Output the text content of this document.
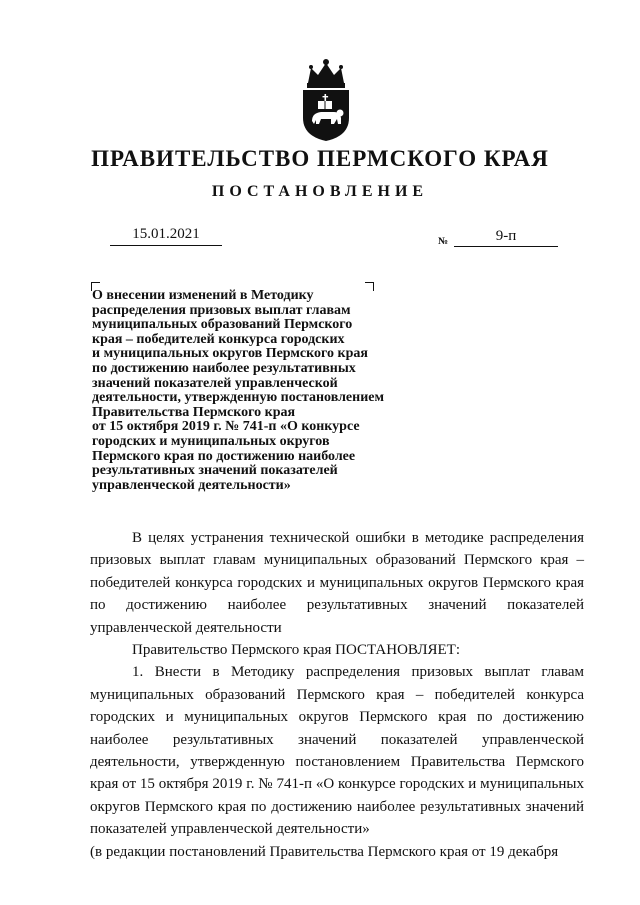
ПРАВИТЕЛЬСТВО ПЕРМСКОГО КРАЯ
ПОСТАНОВЛЕНИЕ
15.01.2021	№	9-п
О внесении изменений в Методику
распределения призовых выплат главам
муниципальных образований Пермского
края – победителей конкурса городских
и муниципальных округов Пермского края
по достижению наиболее результативных
значений показателей управленческой
деятельности, утвержденную постановлением
Правительства Пермского края
от 15 октября 2019 г. № 741-п «О конкурсе
городских и муниципальных округов
Пермского края по достижению наиболее
результативных значений показателей
управленческой деятельности»

В целях устранения технической ошибки в методике распределения призовых выплат главам муниципальных образований Пермского края – победителей конкурса городских и муниципальных округов Пермского края по достижению наиболее результативных значений показателей управленческой деятельности

Правительство Пермского края ПОСТАНОВЛЯЕТ:

1. Внести в Методику распределения призовых выплат главам муниципальных образований Пермского края – победителей конкурса городских и муниципальных округов Пермского края по достижению наиболее результативных значений показателей управленческой деятельности, утвержденную постановлением Правительства Пермского края от 15 октября 2019 г. № 741-п «О конкурсе городских и муниципальных округов Пермского края по достижению наиболее результативных значений показателей управленческой деятельности»

(в редакции постановлений Правительства Пермского края от 19 декабря
